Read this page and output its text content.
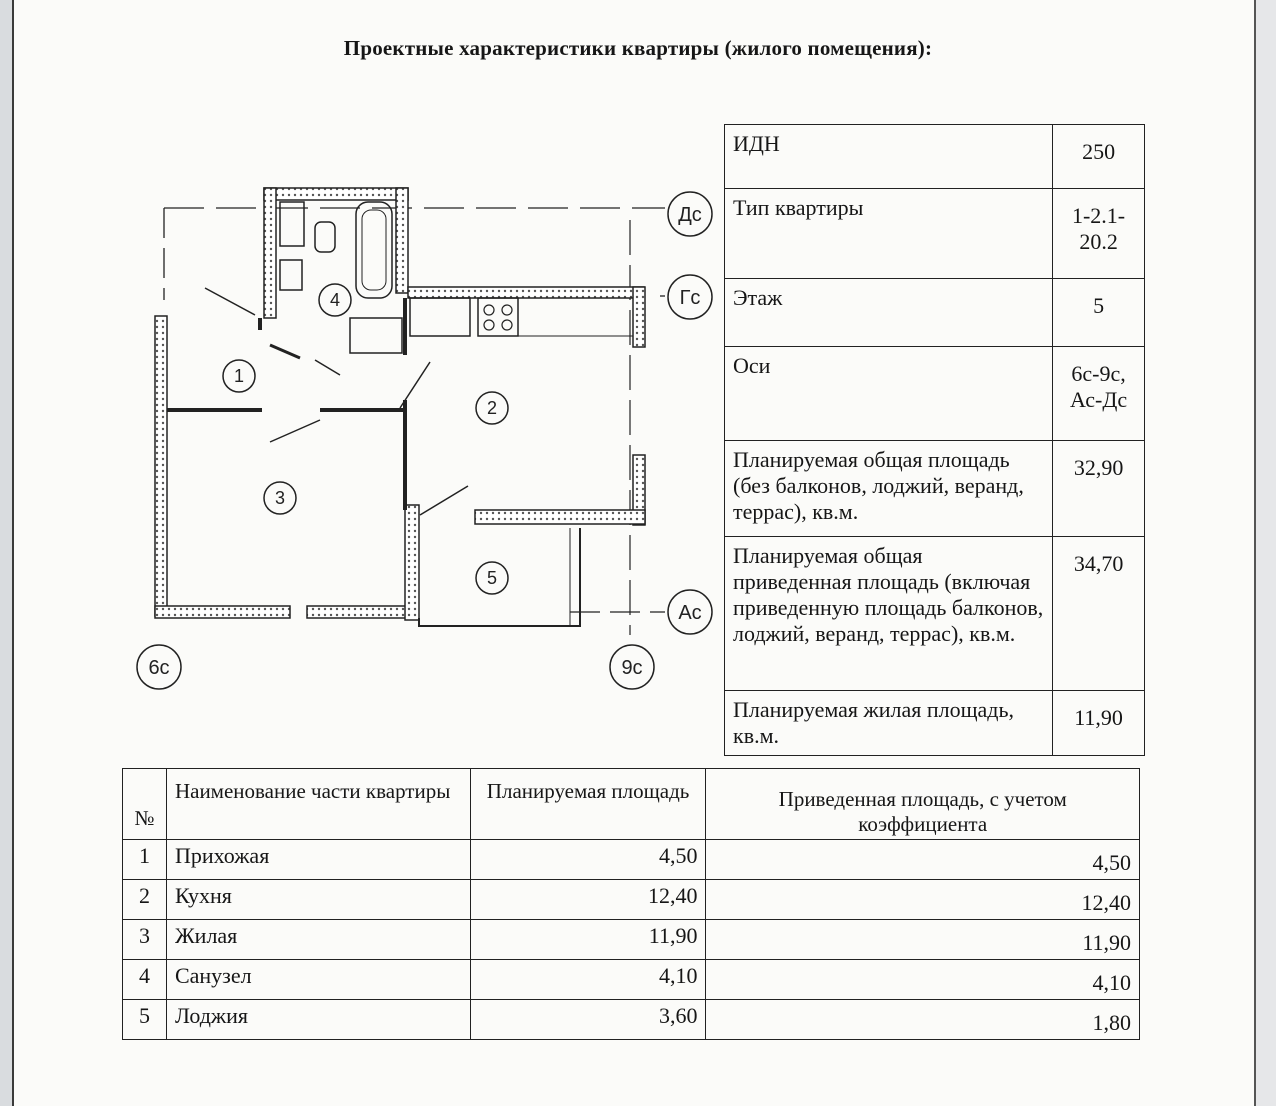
Проектные характеристики квартиры (жилого помещения):
1
2
3
4
5
Дс
Гс
Ас
6с	9с
ИДН	250
Тип квартиры	1-2.1-20.2
Этаж	5
Оси	6с-9с, Ас-Дс
Планируемая общая площадь (без балконов, лоджий, веранд, террас), кв.м.	32,90
Планируемая общая приведенная площадь (включая приведенную площадь балконов, лоджий, веранд, террас), кв.м.	34,70
Планируемая жилая площадь, кв.м.	11,90
№	Наименование части квартиры	Планируемая площадь	Приведенная площадь, с учетом коэффициента
1	Прихожая	4,50	4,50
2	Кухня	12,40	12,40
3	Жилая	11,90	11,90
4	Санузел	4,10	4,10
5	Лоджия	3,60	1,80
